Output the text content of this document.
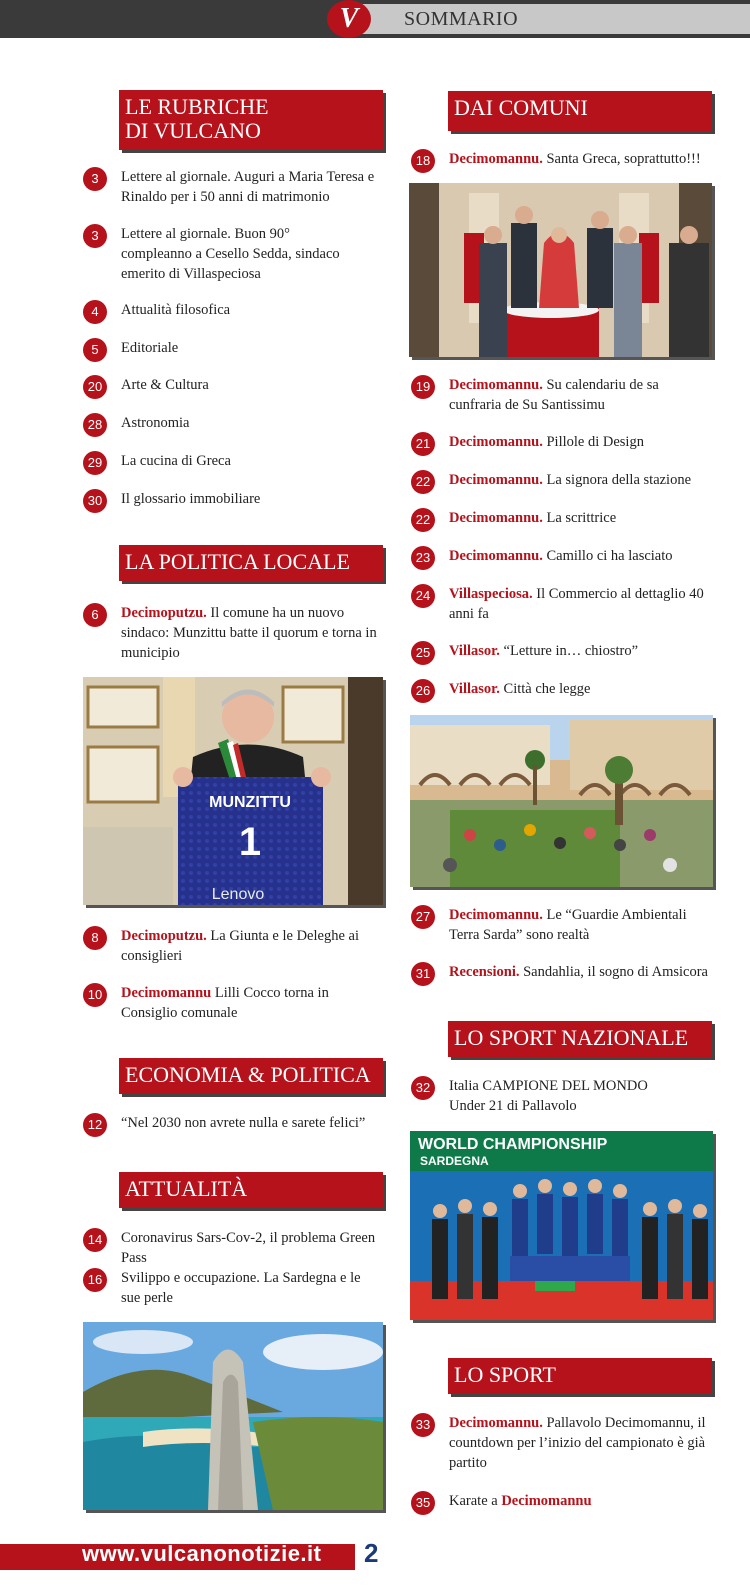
V	SOMMARIO
LE RUBRICHE
DI VULCANO
LA POLITICA LOCALE
ECONOMIA & POLITICA
ATTUALITÀ
DAI COMUNI
LO SPORT NAZIONALE
LO SPORT
3	Lettere al giornale. Auguri a Maria Teresa e Rinaldo per i 50 anni di matrimonio
3	Lettere al giornale. Buon 90° compleanno a Cesello Sedda, sindaco emerito di Villaspeciosa
4	Attualità filosofica
5	Editoriale
20	Arte & Cultura
28	Astronomia
29	La cucina di Greca
30	Il glossario immobiliare
6	Decimoputzu. Il comune ha un nuovo sindaco: Munzittu batte il quorum e torna in municipio
MUNZITTU
1
Lenovo
8	Decimoputzu. La Giunta e le Deleghe ai consiglieri
10	Decimomannu Lilli Cocco torna in Consiglio comunale
12	“Nel 2030 non avrete nulla e sarete felici”
14	Coronavirus Sars-Cov-2, il problema Green Pass
16	Svilippo e occupazione. La Sardegna e le sue perle
18	Decimomannu. Santa Greca, soprattutto!!!
19	Decimomannu. Su calendariu de sa cunfraria de Su Santissimu
21	Decimomannu. Pillole di Design
22	Decimomannu. La signora della stazione
22	Decimomannu. La scrittrice
23	Decimomannu. Camillo ci ha lasciato
24	Villaspeciosa. Il Commercio al dettaglio 40 anni fa
25	Villasor. “Letture in… chiostro”
26	Villasor. Città che legge
27	Decimomannu. Le “Guardie Ambientali Terra Sarda” sono realtà
31	Recensioni. Sandahlia, il sogno di Amsicora
32	Italia CAMPIONE DEL MONDO Under 21 di Pallavolo
WORLD CHAMPIONSHIP
SARDEGNA
33	Decimomannu. Pallavolo Decimomannu, il countdown per l’inizio del campionato è già partito
35	Karate a Decimomannu
www.vulcanonotizie.it 2
